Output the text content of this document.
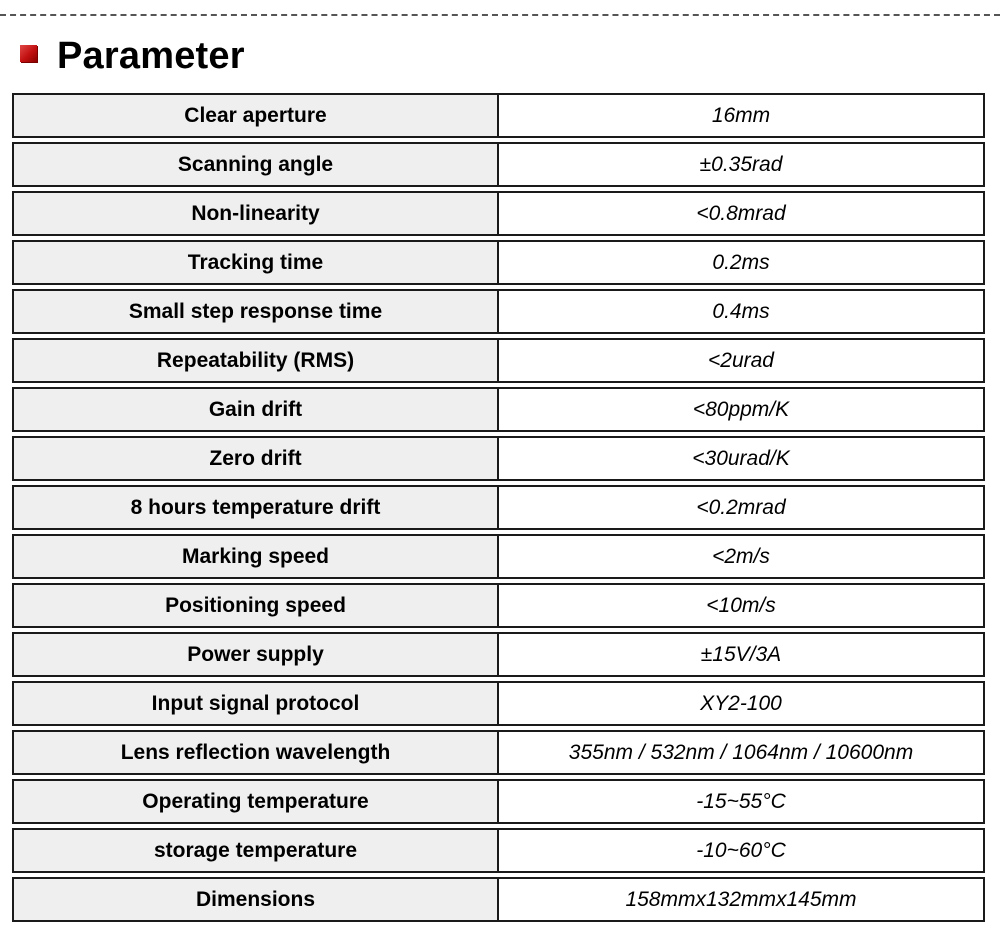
Parameter
Clear aperture	16mm
Scanning angle	±0.35rad
Non-linearity	<0.8mrad
Tracking time	0.2ms
Small step response time	0.4ms
Repeatability (RMS)	<2urad
Gain drift	<80ppm/K
Zero drift	<30urad/K
8 hours temperature drift	<0.2mrad
Marking speed	<2m/s
Positioning speed	<10m/s
Power supply	±15V/3A
Input signal protocol	XY2-100
Lens reflection wavelength	355nm / 532nm / 1064nm / 10600nm
Operating temperature	-15~55°C
storage temperature	-10~60°C
Dimensions	158mmx132mmx145mm
